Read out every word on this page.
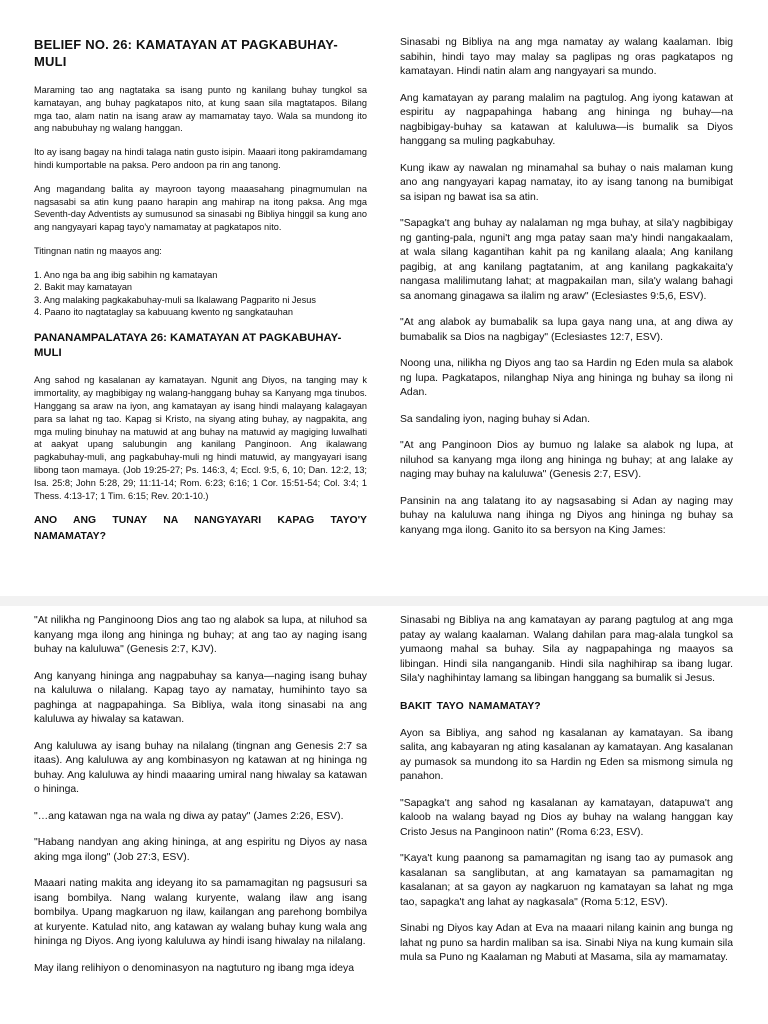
BELIEF NO. 26: KAMATAYAN AT PAGKABUHAY-MULI

Maraming tao ang nagtataka sa isang punto ng kanilang buhay tungkol sa kamatayan, ang buhay pagkatapos nito, at kung saan sila magtatapos. Bilang mga tao, alam natin na isang araw ay mamamatay tayo. Wala sa mundong ito ang nabubuhay ng walang hanggan.

Ito ay isang bagay na hindi talaga natin gusto isipin. Maaari itong pakiramdamang hindi kumportable na paksa. Pero andoon pa rin ang tanong.

Ang magandang balita ay mayroon tayong maaasahang pinagmumulan na nagsasabi sa atin kung paano harapin ang mahirap na itong paksa. Ang mga Seventh-day Adventists ay sumusunod sa sinasabi ng Bibliya hinggil sa kung ano ang nangyayari kapag tayo'y namamatay at pagkatapos nito.

Titingnan natin ng maayos ang:

1. Ano nga ba ang ibig sabihin ng kamatayan
2. Bakit may kamatayan
3. Ang malaking pagkakabuhay-muli sa Ikalawang Pagparito ni Jesus
4. Paano ito nagtataglay sa kabuuang kwento ng sangkatauhan
PANANAMPALATAYA 26: KAMATAYAN AT PAGKABUHAY-MULI

Ang sahod ng kasalanan ay kamatayan. Ngunit ang Diyos, na tanging may k immortality, ay magbibigay ng walang-hanggang buhay sa Kanyang mga tinubos. Hanggang sa araw na iyon, ang kamatayan ay isang hindi malayang kalagayan para sa lahat ng tao. Kapag si Kristo, na siyang ating buhay, ay nagpakita, ang mga muling binuhay na matuwid at ang buhay na matuwid ay magiging luwalhati at aakyat upang salubungin ang kanilang Panginoon. Ang ikalawang pagkabuhay-muli, ang pagkabuhay-muli ng hindi matuwid, ay mangyayari isang libong taon mamaya. (Job 19:25-27; Ps. 146:3, 4; Eccl. 9:5, 6, 10; Dan. 12:2, 13; Isa. 25:8; John 5:28, 29; 11:11-14; Rom. 6:23; 6:16; 1 Cor. 15:51-54; Col. 3:4; 1 Thess. 4:13-17; 1 Tim. 6:15; Rev. 20:1-10.)

ANO ANG TUNAY NA NANGYAYARI KAPAG TAYO'Y NAMAMATAY?

Sinasabi ng Bibliya na ang mga namatay ay walang kaalaman. Ibig sabihin, hindi tayo may malay sa paglipas ng oras pagkatapos ng kamatayan. Hindi natin alam ang nangyayari sa mundo.

Ang kamatayan ay parang malalim na pagtulog. Ang iyong katawan at espiritu ay nagpapahinga habang ang hininga ng buhay—na nagbibigay-buhay sa katawan at kaluluwa—is bumalik sa Diyos hanggang sa muling pagkabuhay.

Kung ikaw ay nawalan ng minamahal sa buhay o nais malaman kung ano ang nangyayari kapag namatay, ito ay isang tanong na bumibigat sa isipan ng bawat isa sa atin.

"Sapagka't ang buhay ay nalalaman ng mga buhay, at sila'y nagbibigay ng ganting-pala, nguni't ang mga patay saan ma'y hindi nangakaalam, at wala silang kagantihan kahit pa ng kanilang alaala; Ang kanilang pagibig, at ang kanilang pagtatanim, at ang kanilang pagkakaita'y nangasa malilimutang lahat; at magpakailan man, sila'y walang bahagi sa anomang ginagawa sa ilalim ng araw" (Eclesiastes 9:5,6, ESV).

"At ang alabok ay bumabalik sa lupa gaya nang una, at ang diwa ay bumabalik sa Dios na nagbigay" (Eclesiastes 12:7, ESV).

Noong una, nilikha ng Diyos ang tao sa Hardin ng Eden mula sa alabok ng lupa. Pagkatapos, nilanghap Niya ang hininga ng buhay sa ilong ni Adan.

Sa sandaling iyon, naging buhay si Adan.

"At ang Panginoon Dios ay bumuo ng lalake sa alabok ng lupa, at niluhod sa kanyang mga ilong ang hininga ng buhay; at ang lalake ay naging may buhay na kaluluwa" (Genesis 2:7, ESV).

Pansinin na ang talatang ito ay nagsasabing si Adan ay naging may buhay na kaluluwa nang ihinga ng Diyos ang hininga ng buhay sa kanyang mga ilong. Ganito ito sa bersyon na King James:

"At nilikha ng Panginoong Dios ang tao ng alabok sa lupa, at niluhod sa kanyang mga ilong ang hininga ng buhay; at ang tao ay naging isang buhay na kaluluwa" (Genesis 2:7, KJV).

Ang kanyang hininga ang nagpabuhay sa kanya—naging isang buhay na kaluluwa o nilalang. Kapag tayo ay namatay, humihinto tayo sa paghinga at nagpapahinga. Sa Bibliya, wala itong sinasabi na ang kaluluwa ay hiwalay sa katawan.

Ang kaluluwa ay isang buhay na nilalang (tingnan ang Genesis 2:7 sa itaas). Ang kaluluwa ay ang kombinasyon ng katawan at ng hininga ng buhay. Ang kaluluwa ay hindi maaaring umiral nang hiwalay sa katawan o hininga.

"…ang katawan nga na wala ng diwa ay patay" (James 2:26, ESV).

"Habang nandyan ang aking hininga, at ang espiritu ng Diyos ay nasa aking mga ilong" (Job 27:3, ESV).

Maaari nating makita ang ideyang ito sa pamamagitan ng pagsusuri sa isang bombilya. Nang walang kuryente, walang ilaw ang isang bombilya. Upang magkaruon ng ilaw, kailangan ang parehong bombilya at kuryente. Katulad nito, ang katawan ay walang buhay kung wala ang hininga ng Diyos. Ang iyong kaluluwa ay hindi isang hiwalay na nilalang.

May ilang relihiyon o denominasyon na nagtuturo ng ibang mga ideya

Sinasabi ng Bibliya na ang kamatayan ay parang pagtulog at ang mga patay ay walang kaalaman. Walang dahilan para mag-alala tungkol sa yumaong mahal sa buhay. Sila ay nagpapahinga ng maayos sa libingan. Hindi sila nanganganib. Hindi sila naghihirap sa ibang lugar. Sila'y naghihintay lamang sa libingan hanggang sa bumalik si Jesus.

BAKIT TAYO NAMAMATAY?

Ayon sa Bibliya, ang sahod ng kasalanan ay kamatayan. Sa ibang salita, ang kabayaran ng ating kasalanan ay kamatayan. Ang kasalanan ay pumasok sa mundong ito sa Hardin ng Eden sa mismong simula ng panahon.

"Sapagka't ang sahod ng kasalanan ay kamatayan, datapuwa't ang kaloob na walang bayad ng Dios ay buhay na walang hanggan kay Cristo Jesus na Panginoon natin" (Roma 6:23, ESV).

"Kaya't kung paanong sa pamamagitan ng isang tao ay pumasok ang kasalanan sa sanglibutan, at ang kamatayan sa pamamagitan ng kasalanan; at sa gayon ay nagkaruon ng kamatayan sa lahat ng mga tao, sapagka't ang lahat ay nagkasala" (Roma 5:12, ESV).

Sinabi ng Diyos kay Adan at Eva na maaari nilang kainin ang bunga ng lahat ng puno sa hardin maliban sa isa. Sinabi Niya na kung kumain sila mula sa Puno ng Kaalaman ng Mabuti at Masama, sila ay mamamatay.
